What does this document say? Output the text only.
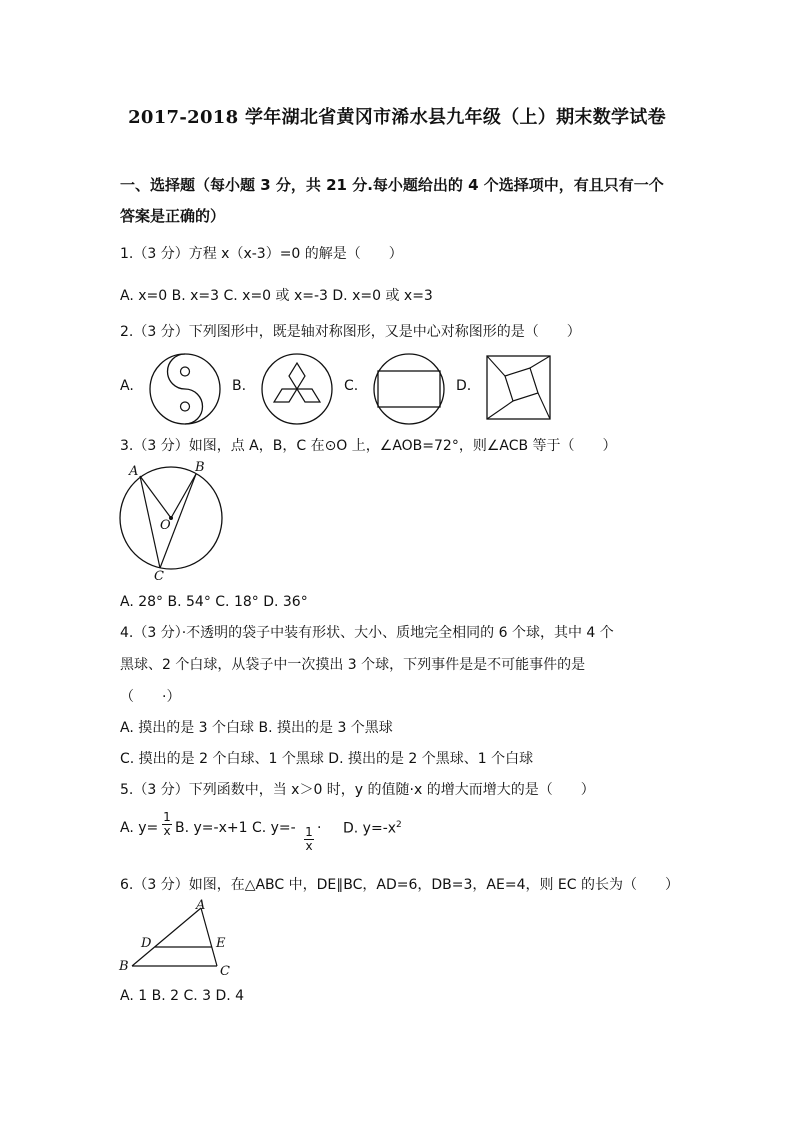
2017-2018 学年湖北省黄冈市浠水县九年级（上）期末数学试卷
一、选择题（每小题 3 分，共 21 分.每小题给出的 4 个选择项中，有且只有一个
答案是正确的）
1.（3 分）方程 x（x-3）=0 的解是（　　）
A. x=0 B. x=3 C. x=0 或 x=-3 D. x=0 或 x=3
2.（3 分）下列图形中，既是轴对称图形，又是中心对称图形的是（　　）
A.	B.	C.	D.
3.（3 分）如图，点 A，B，C 在⊙O 上，∠AOB=72°，则∠ACB 等于（　　）
A	B
O
C
A. 28° B. 54° C. 18° D. 36°
4.（3 分）·不透明的袋子中装有形状、大小、质地完全相同的 6 个球，其中 4 个
黑球、2 个白球，从袋子中一次摸出 3 个球，下列事件是是不可能事件的是
（　　·）
A. 摸出的是 3 个白球 B. 摸出的是 3 个黑球
C. 摸出的是 2 个白球、1 个黑球 D. 摸出的是 2 个黑球、1 个白球
5.（3 分）下列函数中，当 x＞0 时，y 的值随·x 的增大而增大的是（　　）
A. y=
1
x B. y=-x+1 C. y=- 1
x
· D. $y=-x^2$
6.（3 分）如图，在△ABC 中，DE∥BC，AD=6，DB=3，AE=4，则 EC 的长为（　　）
A
D	E
B	C
A. 1 B. 2 C. 3 D. 4
